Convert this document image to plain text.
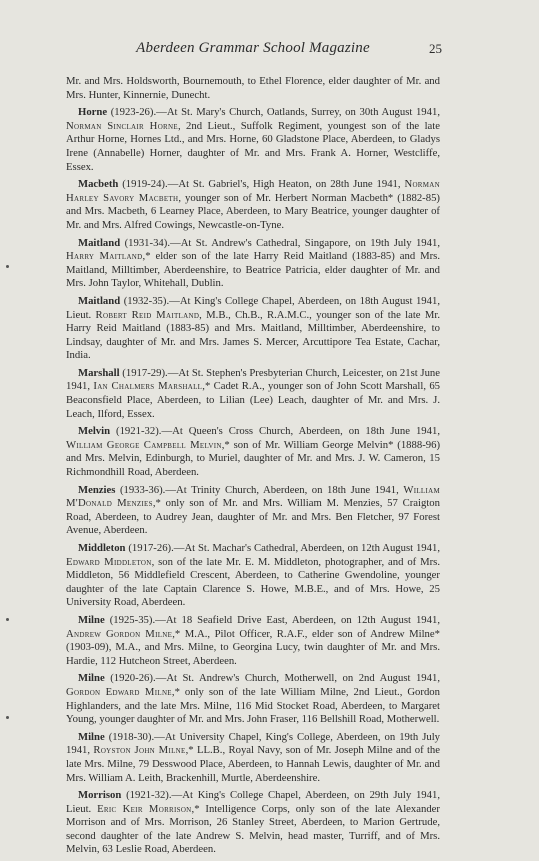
Aberdeen Grammar School Magazine	25

Mr. and Mrs. Holdsworth, Bournemouth, to Ethel Florence, elder daughter of Mr. and Mrs. Hunter, Kinnernie, Dunecht.

Horne (1923-26).—At St. Mary's Church, Oatlands, Surrey, on 30th August 1941, Norman Sinclair Horne, 2nd Lieut., Suffolk Regiment, youngest son of the late Arthur Horne, Hornes Ltd., and Mrs. Horne, 60 Gladstone Place, Aberdeen, to Gladys Irene (Annabelle) Horner, daughter of Mr. and Mrs. Frank A. Horner, Westcliffe, Essex.

Macbeth (1919-24).—At St. Gabriel's, High Heaton, on 28th June 1941, Norman Harley Savory Macbeth, younger son of Mr. Herbert Norman Macbeth* (1882-85) and Mrs. Macbeth, 6 Learney Place, Aberdeen, to Mary Beatrice, younger daughter of Mr. and Mrs. Alfred Cowings, Newcastle-on-Tyne.

Maitland (1931-34).—At St. Andrew's Cathedral, Singapore, on 19th July 1941, Harry Maitland,* elder son of the late Harry Reid Maitland (1883-85) and Mrs. Maitland, Milltimber, Aberdeenshire, to Beatrice Patricia, elder daughter of Mr. and Mrs. John Taylor, Whitehall, Dublin.

Maitland (1932-35).—At King's College Chapel, Aberdeen, on 18th August 1941, Lieut. Robert Reid Maitland, M.B., Ch.B., R.A.M.C., younger son of the late Mr. Harry Reid Maitland (1883-85) and Mrs. Maitland, Milltimber, Aberdeenshire, to Lindsay, daughter of Mr. and Mrs. James S. Mercer, Arcuttipore Tea Estate, Cachar, India.

Marshall (1917-29).—At St. Stephen's Presbyterian Church, Leicester, on 21st June 1941, Ian Chalmers Marshall,* Cadet R.A., younger son of John Scott Marshall, 65 Beaconsfield Place, Aberdeen, to Lilian (Lee) Leach, daughter of Mr. and Mrs. J. Leach, Ilford, Essex.

Melvin (1921-32).—At Queen's Cross Church, Aberdeen, on 18th June 1941, William George Campbell Melvin,* son of Mr. William George Melvin* (1888-96) and Mrs. Melvin, Edinburgh, to Muriel, daughter of Mr. and Mrs. J. W. Cameron, 15 Richmondhill Road, Aberdeen.

Menzies (1933-36).—At Trinity Church, Aberdeen, on 18th June 1941, William M'Donald Menzies,* only son of Mr. and Mrs. William M. Menzies, 57 Craigton Road, Aberdeen, to Audrey Jean, daughter of Mr. and Mrs. Ben Fletcher, 97 Forest Avenue, Aberdeen.

Middleton (1917-26).—At St. Machar's Cathedral, Aberdeen, on 12th August 1941, Edward Middleton, son of the late Mr. E. M. Middleton, photographer, and of Mrs. Middleton, 56 Middlefield Crescent, Aberdeen, to Catherine Gwendoline, younger daughter of the late Captain Clarence S. Howe, M.B.E., and of Mrs. Howe, 25 University Road, Aberdeen.

Milne (1925-35).—At 18 Seafield Drive East, Aberdeen, on 12th August 1941, Andrew Gordon Milne,* M.A., Pilot Officer, R.A.F., elder son of Andrew Milne* (1903-09), M.A., and Mrs. Milne, to Georgina Lucy, twin daughter of Mr. and Mrs. Hardie, 112 Hutcheon Street, Aberdeen.

Milne (1920-26).—At St. Andrew's Church, Motherwell, on 2nd August 1941, Gordon Edward Milne,* only son of the late William Milne, 2nd Lieut., Gordon Highlanders, and the late Mrs. Milne, 116 Mid Stocket Road, Aberdeen, to Margaret Young, younger daughter of Mr. and Mrs. John Fraser, 116 Bellshill Road, Motherwell.

Milne (1918-30).—At University Chapel, King's College, Aberdeen, on 19th July 1941, Royston John Milne,* LL.B., Royal Navy, son of Mr. Joseph Milne and of the late Mrs. Milne, 79 Desswood Place, Aberdeen, to Hannah Lewis, daughter of Mr. and Mrs. William A. Leith, Brackenhill, Murtle, Aberdeenshire.

Morrison (1921-32).—At King's College Chapel, Aberdeen, on 29th July 1941, Lieut. Eric Keir Morrison,* Intelligence Corps, only son of the late Alexander Morrison and of Mrs. Morrison, 26 Stanley Street, Aberdeen, to Marion Gertrude, second daughter of the late Andrew S. Melvin, head master, Turriff, and of Mrs. Melvin, 63 Leslie Road, Aberdeen.
